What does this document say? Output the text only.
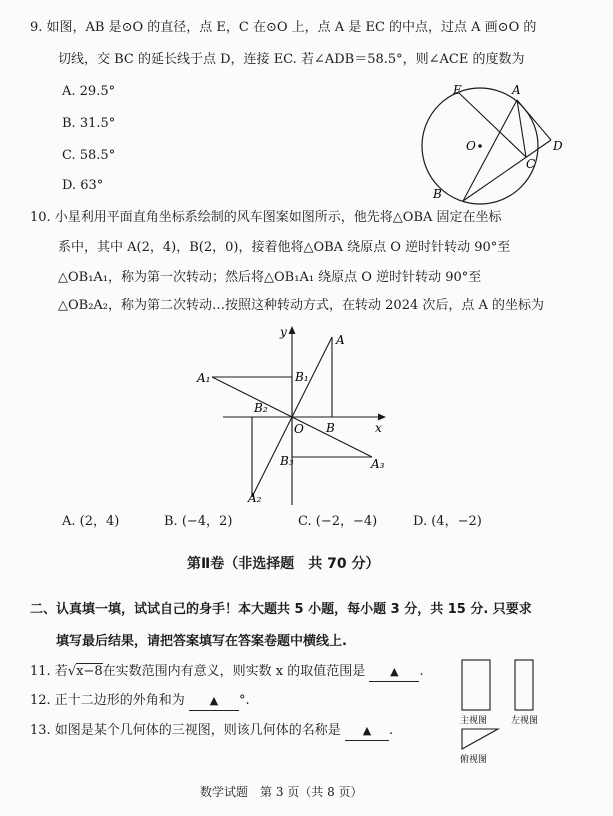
9. 如图，AB 是⊙O 的直径，点 E，C 在⊙O 上，点 A 是 EC 的中点，过点 A 画⊙O 的
切线，交 BC 的延长线于点 D，连接 EC. 若∠ADB＝58.5°，则∠ACE 的度数为
A. 29.5°
B. 31.5°
C. 58.5°
D. 63°
E	A
O	D
C
B
10. 小星利用平面直角坐标系绘制的风车图案如图所示，他先将△OBA 固定在坐标
系中，其中 A(2，4)，B(2，0)，接着他将△OBA 绕原点 O 逆时针转动 90°至
△OB₁A₁，称为第一次转动；然后将△OB₁A₁ 绕原点 O 逆时针转动 90°至
△OB₂A₂，称为第二次转动…按照这种转动方式，在转动 2024 次后，点 A 的坐标为
y
x
O
A
B
A₁	B₁
B₂
A₂
B₃	A₃
A. (2，4)	B. (−4，2)	C. (−2，−4)	D. (4，−2)
第Ⅱ卷（非选择题　共 70 分）
二、认真填一填，试试自己的身手！本大题共 5 小题，每小题 3 分，共 15 分. 只要求
填写最后结果，请把答案填写在答案卷题中横线上.
11. 若√x−8在实数范围内有意义，则实数 x 的取值范围是 ▲ .
12. 正十二边形的外角和为 ▲ °.
13. 如图是某个几何体的三视图，则该几何体的名称是 ▲ .
主视图	左视图
俯视图
数学试题　第 3 页（共 8 页）
